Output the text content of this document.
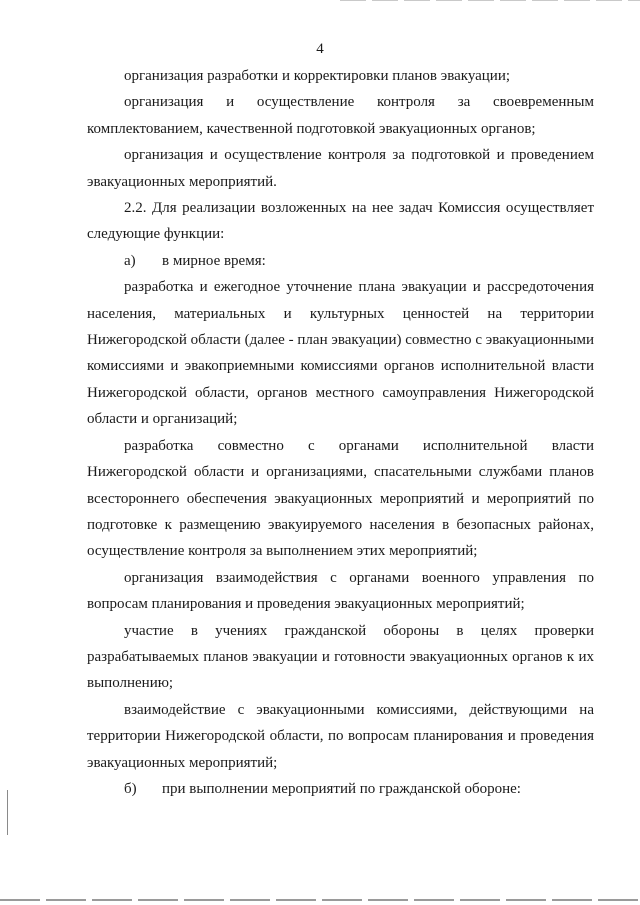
4

организация разработки и корректировки планов эвакуации;

организация и осуществление контроля за своевременным комплектованием, качественной подготовкой эвакуационных органов;

организация и осуществление контроля за подготовкой и проведением эвакуационных мероприятий.

2.2. Для реализации возложенных на нее задач Комиссия осуществляет следующие функции:

а) в мирное время:

разработка и ежегодное уточнение плана эвакуации и рассредоточения населения, материальных и культурных ценностей на территории Нижегородской области (далее - план эвакуации) совместно с эвакуационными комиссиями и эвакоприемными комиссиями органов исполнительной власти Нижегородской области, органов местного самоуправления Нижегородской области и организаций;

разработка совместно с органами исполнительной власти Нижегородской области и организациями, спасательными службами планов всестороннего обеспечения эвакуационных мероприятий и мероприятий по подготовке к размещению эвакуируемого населения в безопасных районах, осуществление контроля за выполнением этих мероприятий;

организация взаимодействия с органами военного управления по вопросам планирования и проведения эвакуационных мероприятий;

участие в учениях гражданской обороны в целях проверки разрабатываемых планов эвакуации и готовности эвакуационных органов к их выполнению;

взаимодействие с эвакуационными комиссиями, действующими на территории Нижегородской области, по вопросам планирования и проведения эвакуационных мероприятий;

б) при выполнении мероприятий по гражданской обороне:
